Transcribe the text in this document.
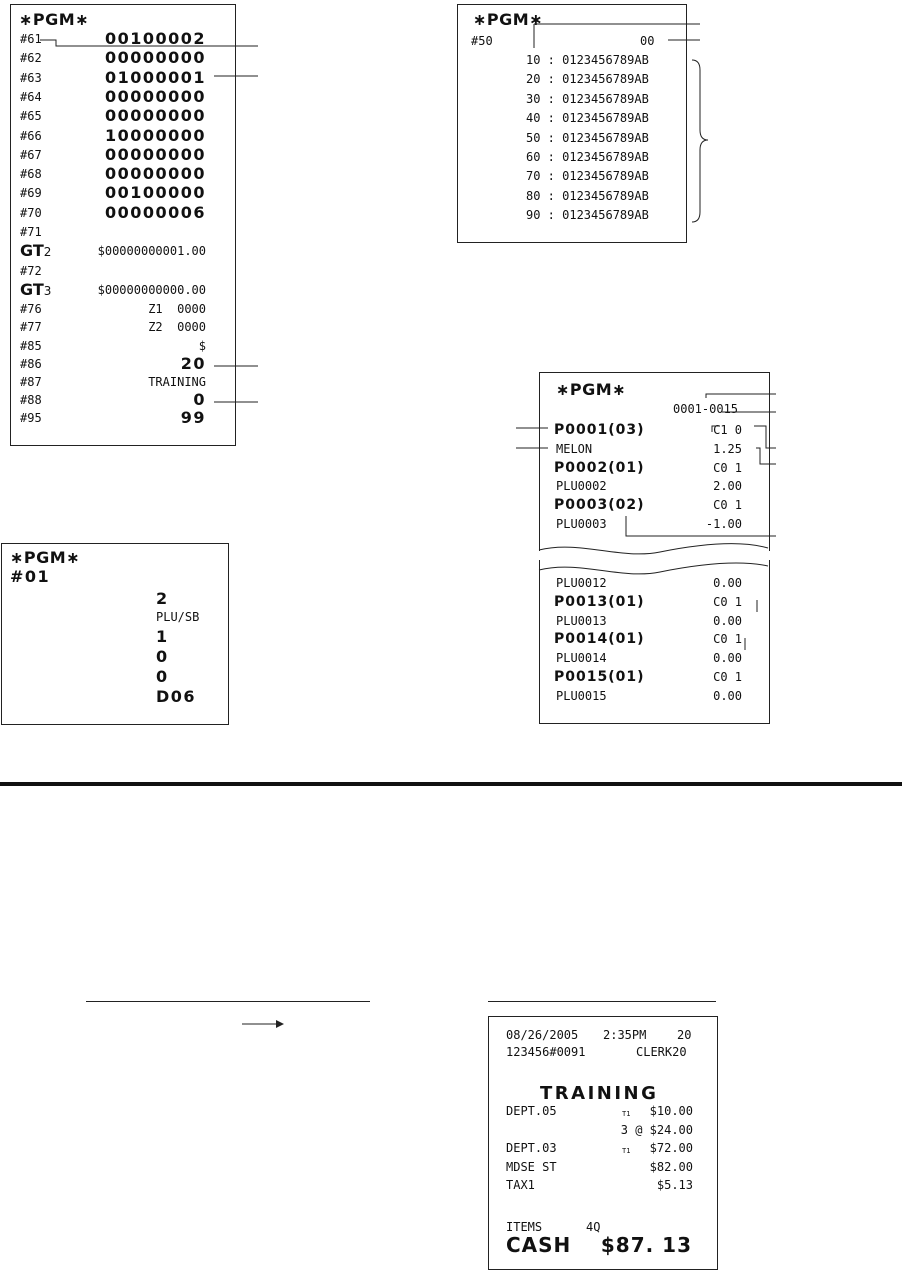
∗PGM∗
#61	00100002
#62	00000000
#63	01000001
#64	00000000
#65	00000000
#66	10000000
#67	00000000
#68	00000000
#69	00100000
#70	00000006
#71
GT2	$00000000001.00
#72
GT3	$00000000000.00
#76	Z1  0000
#77	Z2  0000
#85	$
#86	20
#87	TRAINING
#88	0
#95	99
∗PGM∗
#50	00
10 : 0123456789AB
20 : 0123456789AB
30 : 0123456789AB
40 : 0123456789AB
50 : 0123456789AB
60 : 0123456789AB
70 : 0123456789AB
80 : 0123456789AB
90 : 0123456789AB
∗PGM∗
#01
2
PLU/SB
1
0
0
D06
∗PGM∗
0001-0015
P0001(03)	C1 0
MELON	1.25
P0002(01)	C0 1
PLU0002	2.00
P0003(02)	C0 1
PLU0003	-1.00
PLU0012	0.00
P0013(01)	C0 1
PLU0013	0.00
P0014(01)	C0 1
PLU0014	0.00
P0015(01)	C0 1
PLU0015	0.00
08/26/2005 2:35PM	20
123456#0091	CLERK20
TRAINING
DEPT.05	T1	$10.00
3 @ $24.00
DEPT.03	T1	$72.00
MDSE ST	$82.00
TAX1	$5.13
ITEMS	4Q
CASH $87. 13
